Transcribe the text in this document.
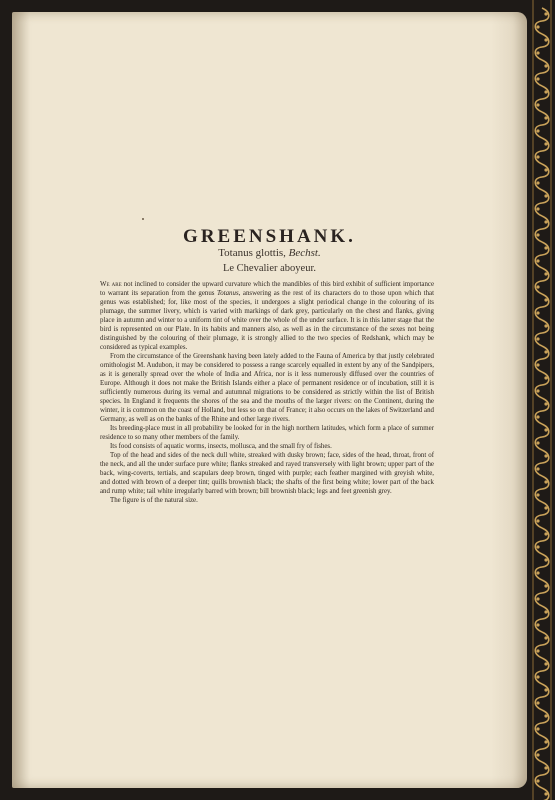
GREENSHANK.
Totanus glottis, Bechst.
Le Chevalier aboyeur.

We are not inclined to consider the upward curvature which the mandibles of this bird exhibit of sufficient importance to warrant its separation from the genus Totanus, answering as the rest of its characters do to those upon which that genus was established; for, like most of the species, it undergoes a slight periodical change in the colouring of its plumage, the summer livery, which is varied with markings of dark grey, particularly on the chest and flanks, giving place in autumn and winter to a uniform tint of white over the whole of the under surface. It is in this latter stage that the bird is represented on our Plate. In its habits and manners also, as well as in the circumstance of the sexes not being distinguished by the colouring of their plumage, it is strongly allied to the two species of Redshank, which may be considered as typical examples.

From the circumstance of the Greenshank having been lately added to the Fauna of America by that justly celebrated ornithologist M. Audubon, it may be considered to possess a range scarcely equalled in extent by any of the Sandpipers, as it is generally spread over the whole of India and Africa, nor is it less numerously diffused over the countries of Europe. Although it does not make the British Islands either a place of permanent residence or of incubation, still it is sufficiently numerous during its vernal and autumnal migrations to be considered as strictly within the list of British species. In England it frequents the shores of the sea and the mouths of the larger rivers: on the Continent, during the winter, it is common on the coast of Holland, but less so on that of France; it also occurs on the lakes of Switzerland and Germany, as well as on the banks of the Rhine and other large rivers.

Its breeding-place must in all probability be looked for in the high northern latitudes, which form a place of summer residence to so many other members of the family.

Its food consists of aquatic worms, insects, mollusca, and the small fry of fishes.

Top of the head and sides of the neck dull white, streaked with dusky brown; face, sides of the head, throat, front of the neck, and all the under surface pure white; flanks streaked and rayed transversely with light brown; upper part of the back, wing-coverts, tertials, and scapulars deep brown, tinged with purple; each feather margined with greyish white, and dotted with brown of a deeper tint; quills brownish black; the shafts of the first being white; lower part of the back and rump white; tail white irregularly barred with brown; bill brownish black; legs and feet greenish grey.

The figure is of the natural size.
